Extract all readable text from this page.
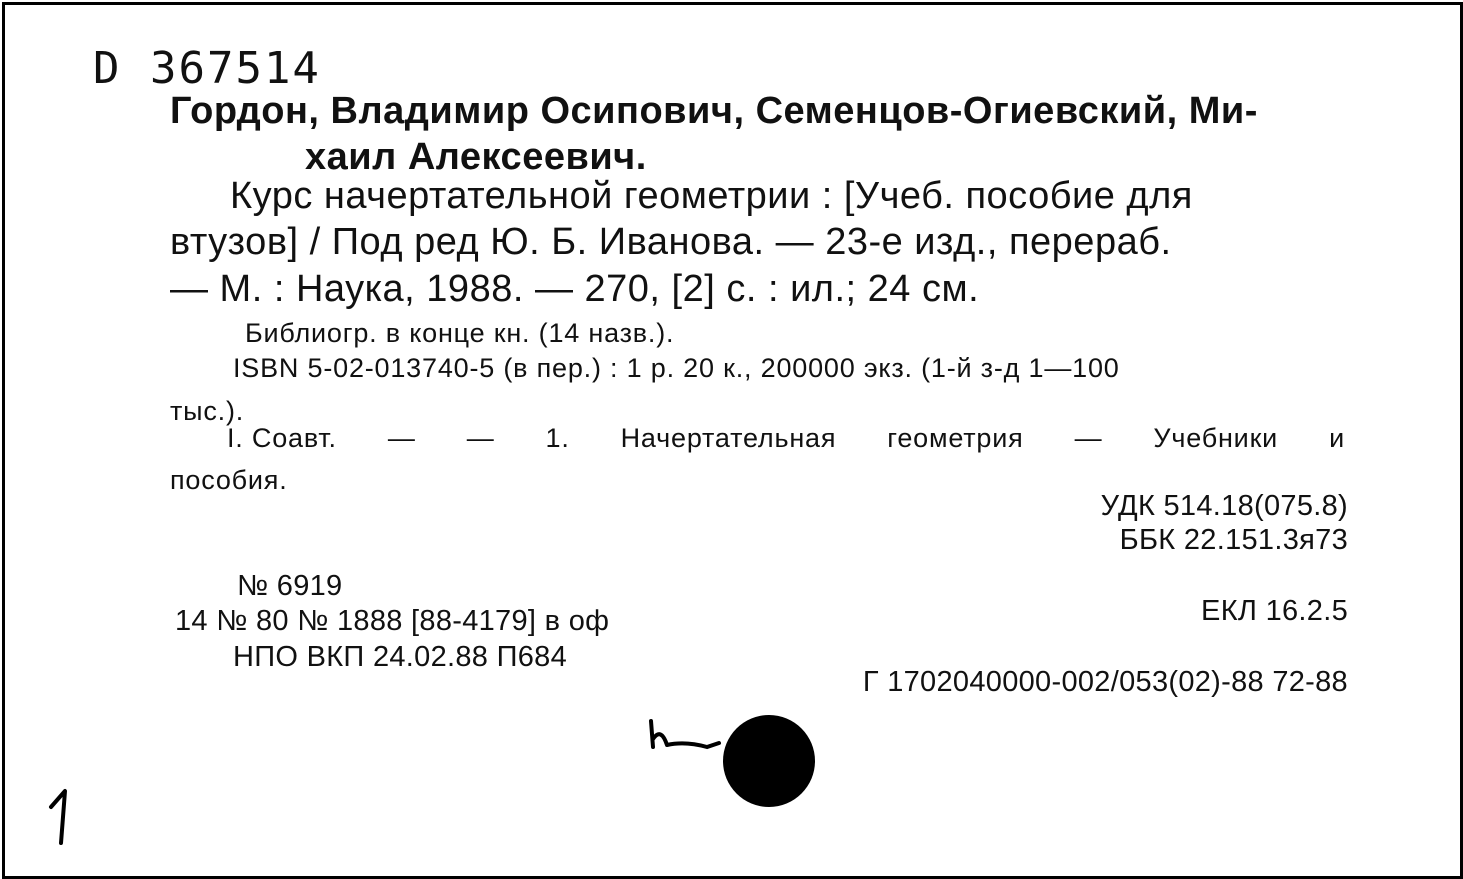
D 367514
Гордон, Владимир Осипович, Семенцов-Огиевский, Ми-
хаил Алексеевич.
Курс начертательной геометрии : [Учеб. пособие для
втузов] / Под ред Ю. Б. Иванова. — 23-е изд., перераб.
— М. : Наука, 1988. — 270, [2] с. : ил.; 24 см.
Библиогр. в конце кн. (14 назв.).
ISBN 5-02-013740-5 (в пер.) : 1 р. 20 к., 200000 экз. (1-й з-д 1—100
тыс.).
I. Соавт. — — 1. Начертательная геометрия — Учебники и
пособия.
УДК 514.18(075.8)
ББК 22.151.3я73
№ 6919
14 № 80 № 1888 [88-4179] в оф
НПО ВКП 24.02.88 П684
ЕКЛ 16.2.5
Г 1702040000-002/053(02)-88 72-88
